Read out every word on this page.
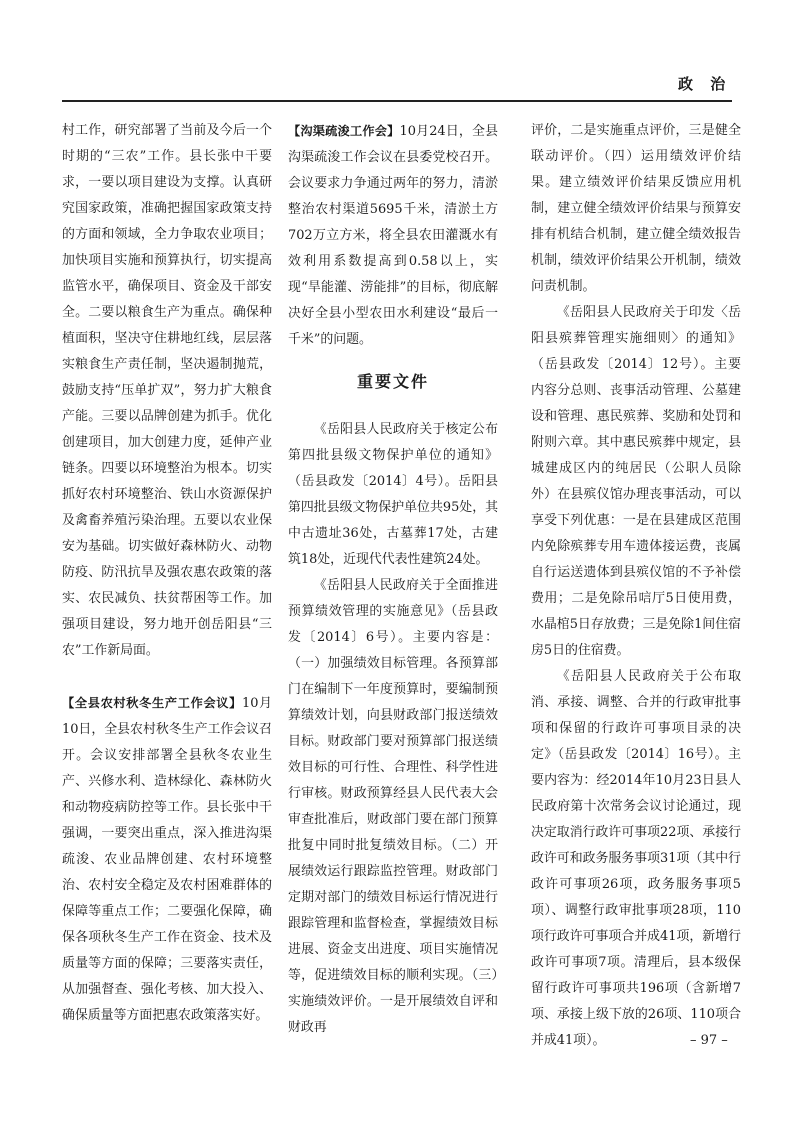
政 治

村工作，研究部署了当前及今后一个时期的“三农”工作。县长张中干要求，一要以项目建设为支撑。认真研究国家政策，准确把握国家政策支持的方面和领域，全力争取农业项目；加快项目实施和预算执行，切实提高监管水平，确保项目、资金及干部安全。二要以粮食生产为重点。确保种植面积，坚决守住耕地红线，层层落实粮食生产责任制，坚决遏制抛荒，鼓励支持“压单扩双”，努力扩大粮食产能。三要以品牌创建为抓手。优化创建项目，加大创建力度，延伸产业链条。四要以环境整治为根本。切实抓好农村环境整治、铁山水资源保护及禽畜养殖污染治理。五要以农业保安为基础。切实做好森林防火、动物防疫、防汛抗旱及强农惠农政策的落实、农民减负、扶贫帮困等工作。加强项目建设，努力地开创岳阳县“三农”工作新局面。

【全县农村秋冬生产工作会议】10月10日，全县农村秋冬生产工作会议召开。会议安排部署全县秋冬农业生产、兴修水利、造林绿化、森林防火和动物疫病防控等工作。县长张中干强调，一要突出重点，深入推进沟渠疏浚、农业品牌创建、农村环境整治、农村安全稳定及农村困难群体的保障等重点工作；二要强化保障，确保各项秋冬生产工作在资金、技术及质量等方面的保障；三要落实责任，从加强督查、强化考核、加大投入、确保质量等方面把惠农政策落实好。

【沟渠疏浚工作会】10月24日，全县沟渠疏浚工作会议在县委党校召开。会议要求力争通过两年的努力，清淤整治农村渠道5695千米，清淤土方702万立方米，将全县农田灌溉水有效利用系数提高到0.58以上，实现“旱能灌、涝能排”的目标，彻底解决好全县小型农田水利建设“最后一千米”的问题。

重要文件

《岳阳县人民政府关于核定公布第四批县级文物保护单位的通知》（岳县政发〔2014〕4号）。岳阳县第四批县级文物保护单位共95处，其中古遗址36处，古墓葬17处，古建筑18处，近现代代表性建筑24处。

《岳阳县人民政府关于全面推进预算绩效管理的实施意见》（岳县政发〔2014〕6号）。主要内容是：（一）加强绩效目标管理。各预算部门在编制下一年度预算时，要编制预算绩效计划，向县财政部门报送绩效目标。财政部门要对预算部门报送绩效目标的可行性、合理性、科学性进行审核。财政预算经县人民代表大会审查批准后，财政部门要在部门预算批复中同时批复绩效目标。（二）开展绩效运行跟踪监控管理。财政部门定期对部门的绩效目标运行情况进行跟踪管理和监督检查，掌握绩效目标进展、资金支出进度、项目实施情况等，促进绩效目标的顺利实现。（三）实施绩效评价。一是开展绩效自评和财政再

评价，二是实施重点评价，三是健全联动评价。（四）运用绩效评价结果。建立绩效评价结果反馈应用机制，建立健全绩效评价结果与预算安排有机结合机制，建立健全绩效报告机制，绩效评价结果公开机制，绩效问责机制。

《岳阳县人民政府关于印发〈岳阳县殡葬管理实施细则〉的通知》（岳县政发〔2014〕12号）。主要内容分总则、丧事活动管理、公墓建设和管理、惠民殡葬、奖励和处罚和附则六章。其中惠民殡葬中规定，县城建成区内的纯居民（公职人员除外）在县殡仪馆办理丧事活动，可以享受下列优惠：一是在县建成区范围内免除殡葬专用车遗体接运费，丧属自行运送遗体到县殡仪馆的不予补偿费用；二是免除吊唁厅5日使用费，水晶棺5日存放费；三是免除1间住宿房5日的住宿费。

《岳阳县人民政府关于公布取消、承接、调整、合并的行政审批事项和保留的行政许可事项目录的决定》（岳县政发〔2014〕16号）。主要内容为：经2014年10月23日县人民政府第十次常务会议讨论通过，现决定取消行政许可事项22项、承接行政许可和政务服务事项31项（其中行政许可事项26项，政务服务事项5项）、调整行政审批事项28项，110项行政许可事项合并成41项，新增行政许可事项7项。清理后，县本级保留行政许可事项共196项（含新增7项、承接上级下放的26项、110项合并成41项）。	– 97 –
